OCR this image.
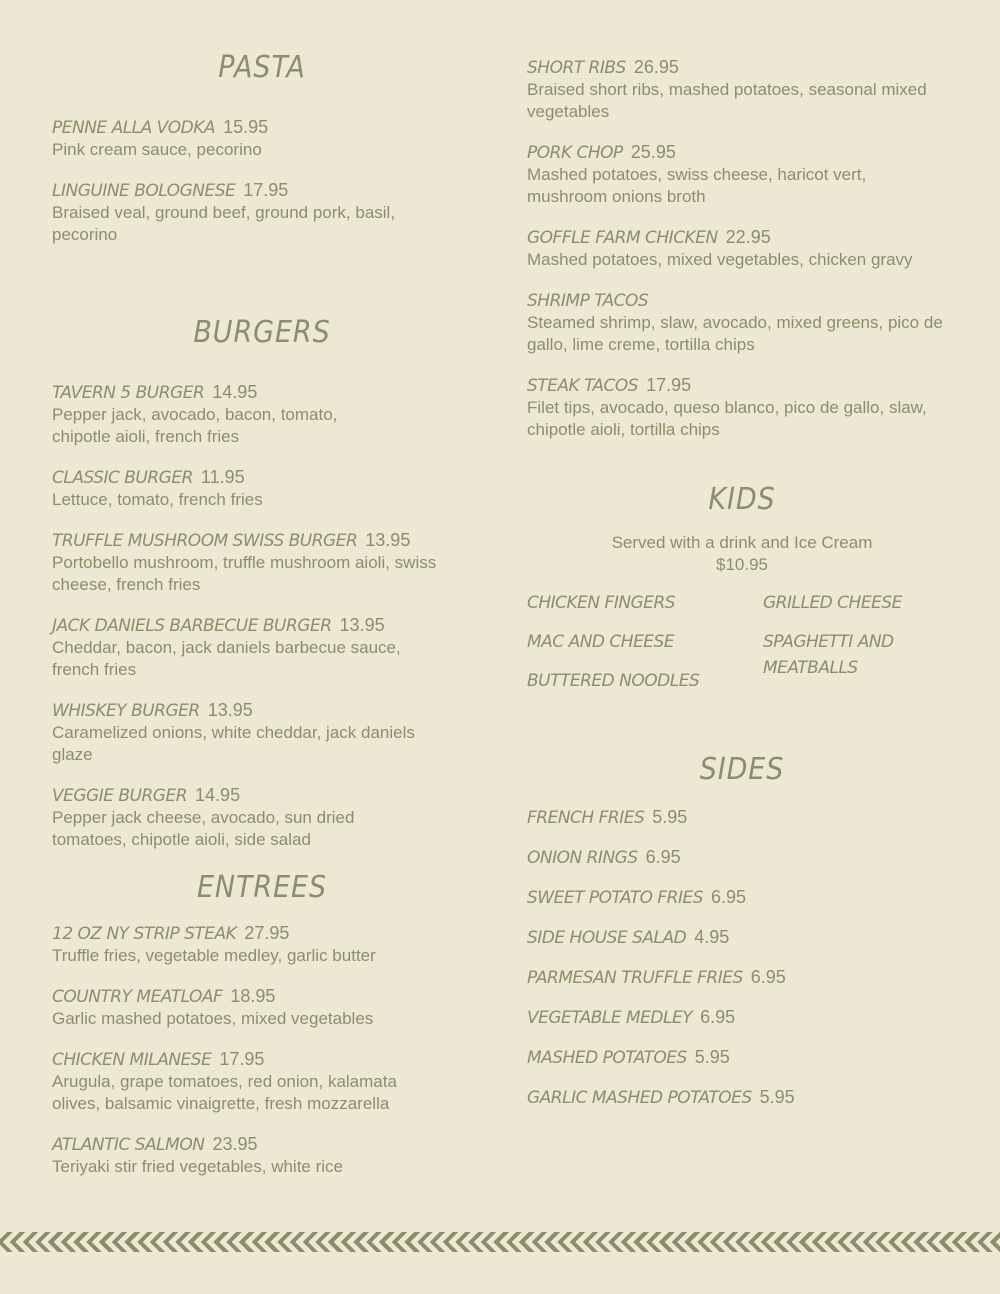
PASTA
PENNE ALLA VODKA 15.95
Pink cream sauce, pecorino
LINGUINE BOLOGNESE 17.95
Braised veal, ground beef, ground pork, basil, pecorino
BURGERS
TAVERN 5 BURGER 14.95
Pepper jack, avocado, bacon, tomato, chipotle aioli, french fries
CLASSIC BURGER 11.95
Lettuce, tomato, french fries
TRUFFLE MUSHROOM SWISS BURGER 13.95
Portobello mushroom, truffle mushroom aioli, swiss cheese, french fries
JACK DANIELS BARBECUE BURGER 13.95
Cheddar, bacon, jack daniels barbecue sauce, french fries
WHISKEY BURGER 13.95
Caramelized onions, white cheddar, jack daniels glaze
VEGGIE BURGER 14.95
Pepper jack cheese, avocado, sun dried tomatoes, chipotle aioli, side salad
ENTREES
12 OZ NY STRIP STEAK 27.95
Truffle fries, vegetable medley, garlic butter
COUNTRY MEATLOAF 18.95
Garlic mashed potatoes, mixed vegetables
CHICKEN MILANESE 17.95
Arugula, grape tomatoes, red onion, kalamata olives, balsamic vinaigrette, fresh mozzarella
ATLANTIC SALMON 23.95
Teriyaki stir fried vegetables, white rice
SHORT RIBS 26.95
Braised short ribs, mashed potatoes, seasonal mixed vegetables
PORK CHOP 25.95
Mashed potatoes, swiss cheese, haricot vert, mushroom onions broth
GOFFLE FARM CHICKEN 22.95
Mashed potatoes, mixed vegetables, chicken gravy
SHRIMP TACOS
Steamed shrimp, slaw, avocado, mixed greens, pico de gallo, lime creme, tortilla chips
STEAK TACOS 17.95
Filet tips, avocado, queso blanco, pico de gallo, slaw, chipotle aioli, tortilla chips
KIDS
Served with a drink and Ice Cream
$10.95
CHICKEN FINGERS
MAC AND CHEESE
BUTTERED NOODLES
GRILLED CHEESE
SPAGHETTI AND MEATBALLS
SIDES
FRENCH FRIES 5.95
ONION RINGS 6.95
SWEET POTATO FRIES 6.95
SIDE HOUSE SALAD 4.95
PARMESAN TRUFFLE FRIES 6.95
VEGETABLE MEDLEY 6.95
MASHED POTATOES 5.95
GARLIC MASHED POTATOES 5.95
